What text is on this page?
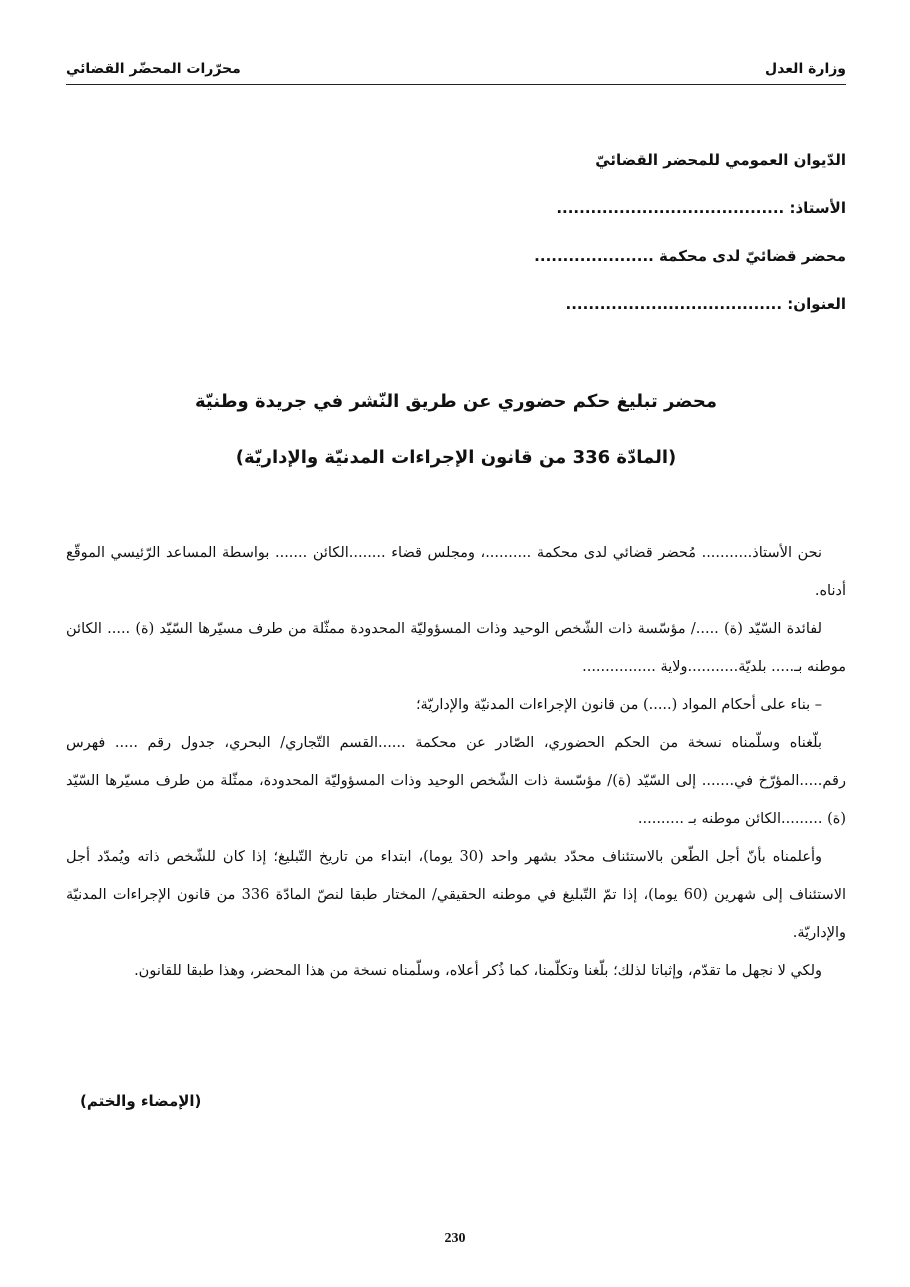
وزارة العدل
محرّرات المحضّر القضائي
الدّيوان العمومي للمحضر القضائيّ
الأستاذ: ........................................
محضر قضائيّ لدى محكمة .....................
العنوان: ......................................
محضر تبليغ حكم حضوري عن طريق النّشر في جريدة وطنيّة
(المادّة 336 من قانون الإجراءات المدنيّة والإداريّة)

نحن الأستاذ........... مُحضر قضائي لدى محكمة ..........، ومجلس قضاء ........الكائن ....... بواسطة المساعد الرّئيسي الموقّع أدناه.

لفائدة السّيّد (ة) ...../ مؤسّسة ذات الشّخص الوحيد وذات المسؤوليّة المحدودة ممثّلة من طرف مسيّرها السّيّد (ة) ..... الكائن موطنه بـ..... بلديّة...........ولاية ................

– بناء على أحكام المواد (.....) من قانون الإجراءات المدنيّة والإداريّة؛

بلّغناه وسلّمناه نسخة من الحكم الحضوري، الصّادر عن محكمة ......القسم التّجاري/ البحري، جدول رقم ..... فهرس رقم.....المؤرّخ في....... إلى السّيّد (ة)/ مؤسّسة ذات الشّخص الوحيد وذات المسؤوليّة المحدودة، ممثّلة من طرف مسيّرها السّيّد (ة) .........الكائن موطنه بـ ..........

وأعلمناه بأنّ أجل الطّعن بالاستئناف محدّد بشهر واحد (30 يوما)، ابتداء من تاريخ التّبليغ؛ إذا كان للشّخص ذاته ويُمدّد أجل الاستئناف إلى شهرين (60 يوما)، إذا تمّ التّبليغ في موطنه الحقيقي/ المختار طبقا لنصّ المادّة 336 من قانون الإجراءات المدنيّة والإداريّة.

ولكي لا نجهل ما تقدّم، وإثباتا لذلك؛ بلّغنا وتكلّمنا، كما ذُكر أعلاه، وسلّمناه نسخة من هذا المحضر، وهذا طبقا للقانون.

(الإمضاء والختم)
230
